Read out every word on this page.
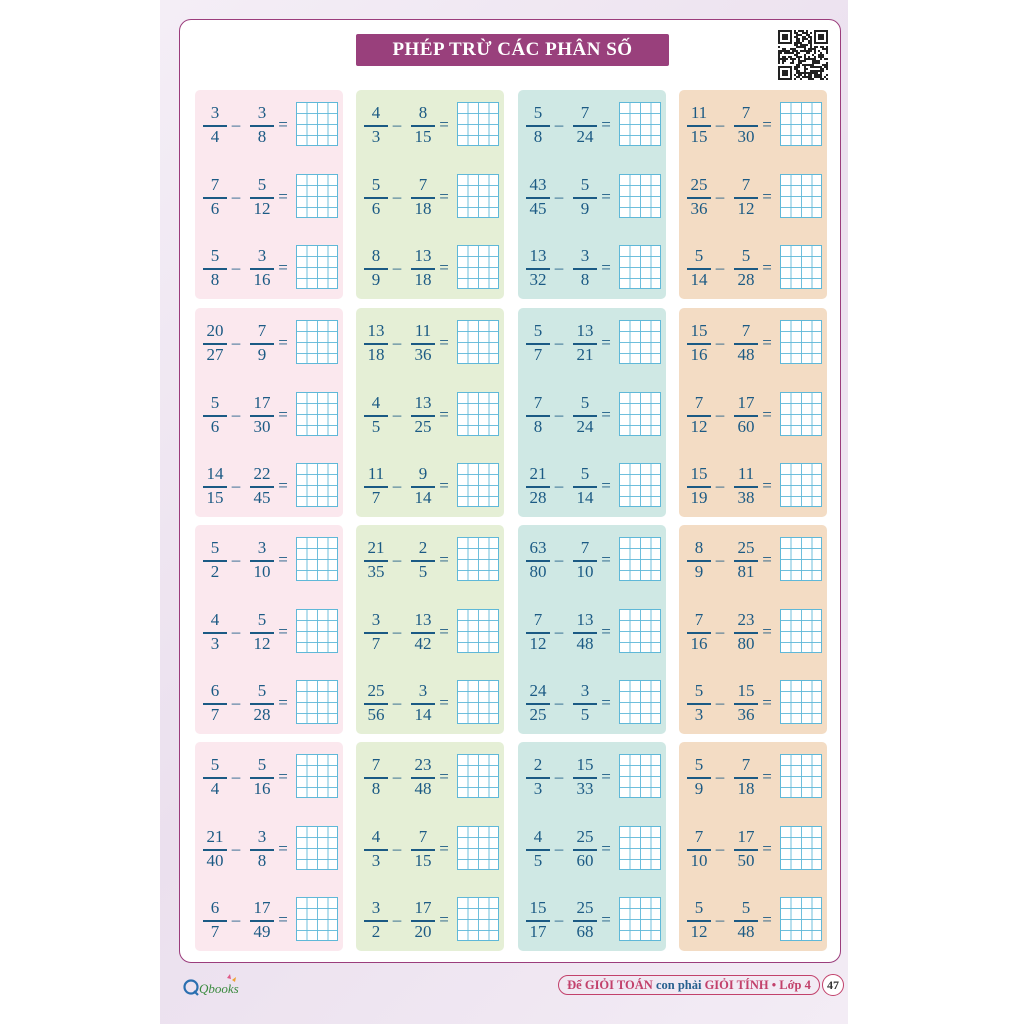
PHÉP TRỪ CÁC PHÂN SỐ
3
4
–
3
8
=
7
6
–
5
12
=
5
8
–
3
16
=
4
3
–
8
15
=
5
6
–
7
18
=
8
9
–
13
18
=
5
8
–
7
24
=
43
45
–
5
9
=
13
32
–
3
8
=
11
15
–
7
30
=
25
36
–
7
12
=
5
14
–
5
28
=
20
27
–
7
9
=
5
6
–
17
30
=
14
15
–
22
45
=
13
18
–
11
36
=
4
5
–
13
25
=
11
7
–
9
14
=
5
7
–
13
21
=
7
8
–
5
24
=
21
28
–
5
14
=
15
16
–
7
48
=
7
12
–
17
60
=
15
19
–
11
38
=
5
2
–
3
10
=
4
3
–
5
12
=
6
7
–
5
28
=
21
35
–
2
5
=
3
7
–
13
42
=
25
56
–
3
14
=
63
80
–
7
10
=
7
12
–
13
48
=
24
25
–
3
5
=
8
9
–
25
81
=
7
16
–
23
80
=
5
3
–
15
36
=
5
4
–
5
16
=
21
40
–
3
8
=
6
7
–
17
49
=
7
8
–
23
48
=
4
3
–
7
15
=
3
2
–
17
20
=
2
3
–
15
33
=
4
5
–
25
60
=
15
17
–
25
68
=
5
9
–
7
18
=
7
10
–
17
50
=
5
12
–
5
48
=
Qbooks	Để GIỎI TOÁN
con phải
GIỎI TÍNH
•
Lớp 4	47
